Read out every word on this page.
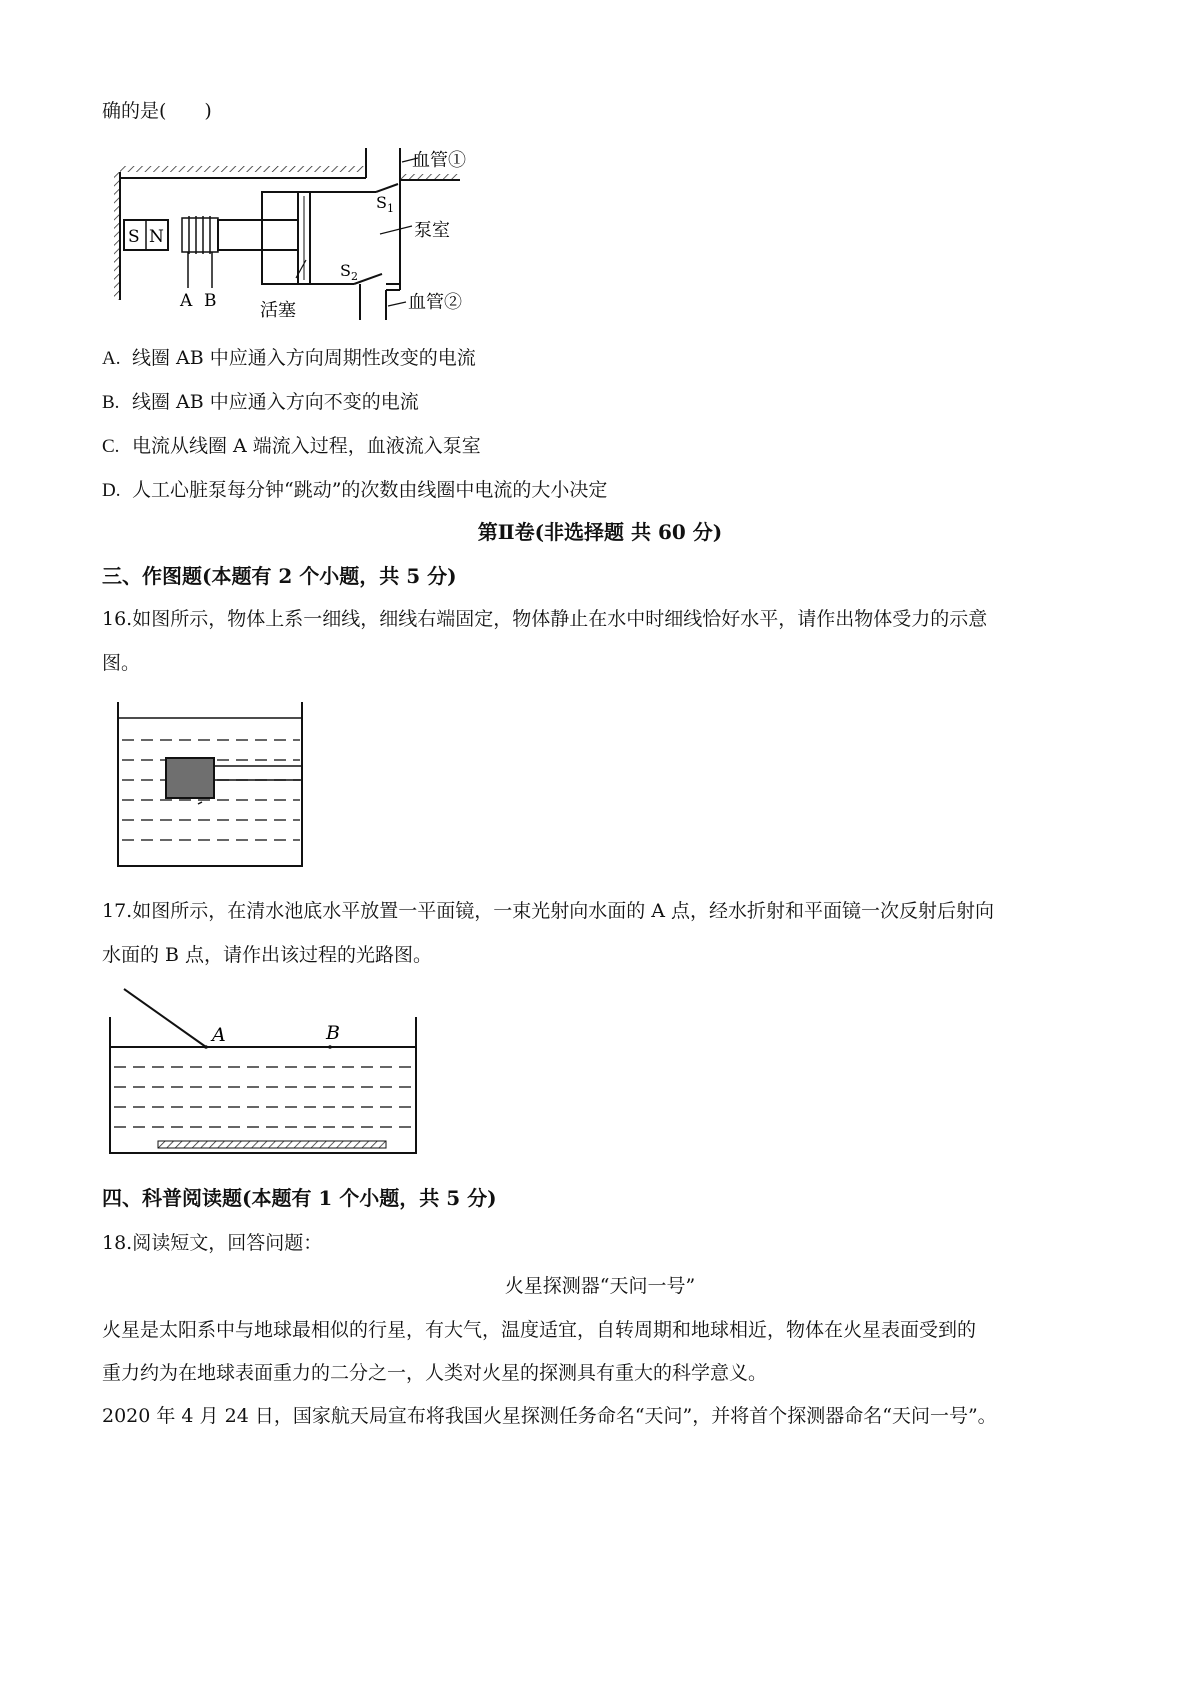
确的是(　　)
S N
A B
血管①
$S_1$
泵室
$S_2$
活塞	血管②
A. 线圈 AB 中应通入方向周期性改变的电流
B. 线圈 AB 中应通入方向不变的电流
C. 电流从线圈 A 端流入过程，血液流入泵室
D. 人工心脏泵每分钟“跳动”的次数由线圈中电流的大小决定
第Ⅱ卷(非选择题 共 60 分)
三、作图题(本题有 2 个小题，共 5 分)
16.如图所示，物体上系一细线，细线右端固定，物体静止在水中时细线恰好水平，请作出物体受力的示意
图。
17.如图所示，在清水池底水平放置一平面镜，一束光射向水面的 A 点，经水折射和平面镜一次反射后射向
水面的 B 点，请作出该过程的光路图。
A	B
四、科普阅读题(本题有 1 个小题，共 5 分)
18.阅读短文，回答问题：
火星探测器“天问一号”
火星是太阳系中与地球最相似的行星，有大气，温度适宜，自转周期和地球相近，物体在火星表面受到的
重力约为在地球表面重力的二分之一，人类对火星的探测具有重大的科学意义。
2020 年 4 月 24 日，国家航天局宣布将我国火星探测任务命名“天问”，并将首个探测器命名“天问一号”。
